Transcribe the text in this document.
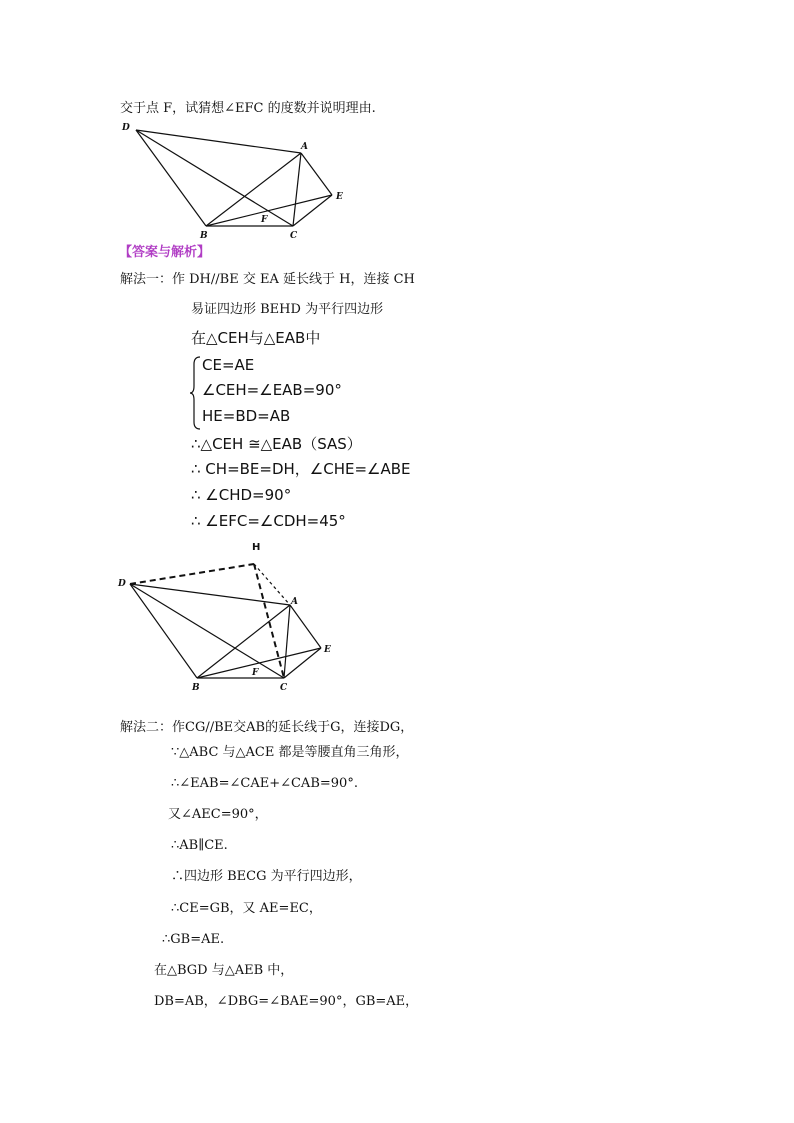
交于点 F，试猜想∠EFC 的度数并说明理由.
D
A
E
F
B	C
【答案与解析】
解法一：作 DH//BE 交 EA 延长线于 H，连接 CH
易证四边形 BEHD 为平行四边形
在△CEH与△EAB中
CE=AE
∠CEH=∠EAB=90°
HE=BD=AB
∴△CEH ≅△EAB（SAS）
∴ CH=BE=DH，∠CHE=∠ABE
∴ ∠CHD=90°
∴ ∠EFC=∠CDH=45°
H
D
A
E
F
B	C
解法二：作CG//BE交AB的延长线于G，连接DG，
∵△ABC 与△ACE 都是等腰直角三角形，
∴∠EAB=∠CAE+∠CAB=90°.
又∠AEC=90°，
∴AB∥CE.
∴四边形 BECG 为平行四边形，
∴CE=GB，又 AE=EC，
∴GB=AE.
在△BGD 与△AEB 中，
DB=AB，∠DBG=∠BAE=90°，GB=AE，
